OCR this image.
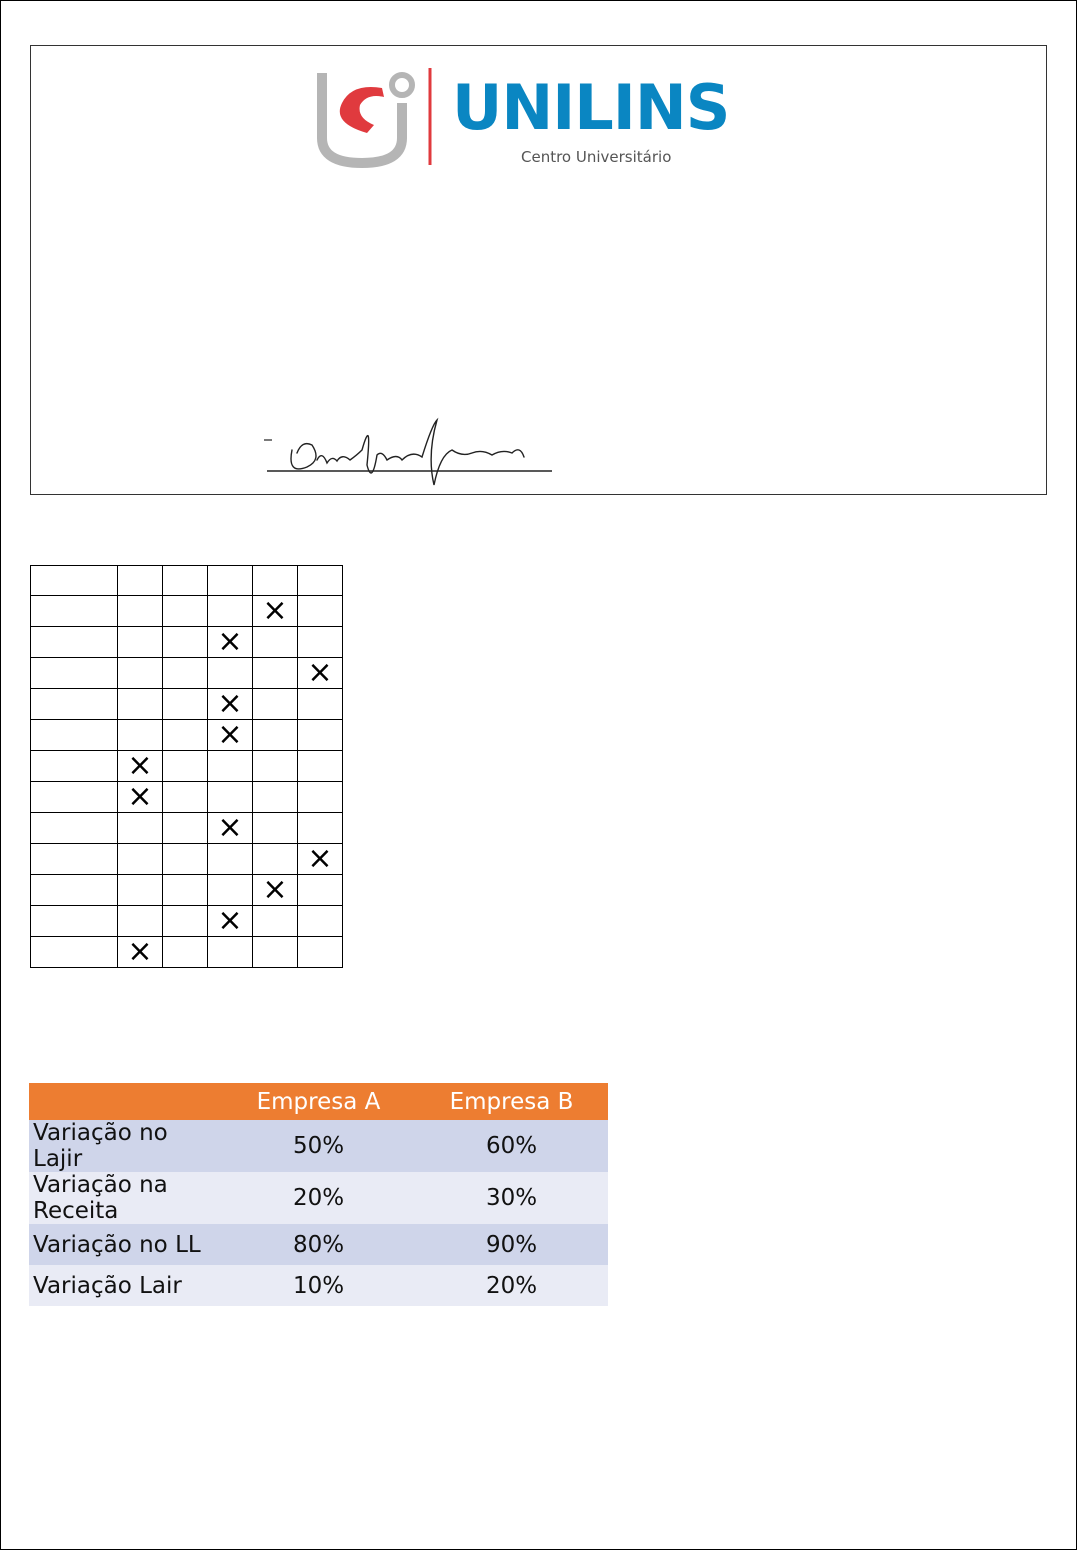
UNILINS
Centro Universitário

				×	
			×		
					×
			×		
			×		
	×				
	×				
			×		
					×
				×	
			×		
	×				
	Empresa A	Empresa B
Variação no Lajir	50%	60%
Variação na Receita	20%	30%
Variação no LL	80%	90%
Variação Lair	10%	20%
